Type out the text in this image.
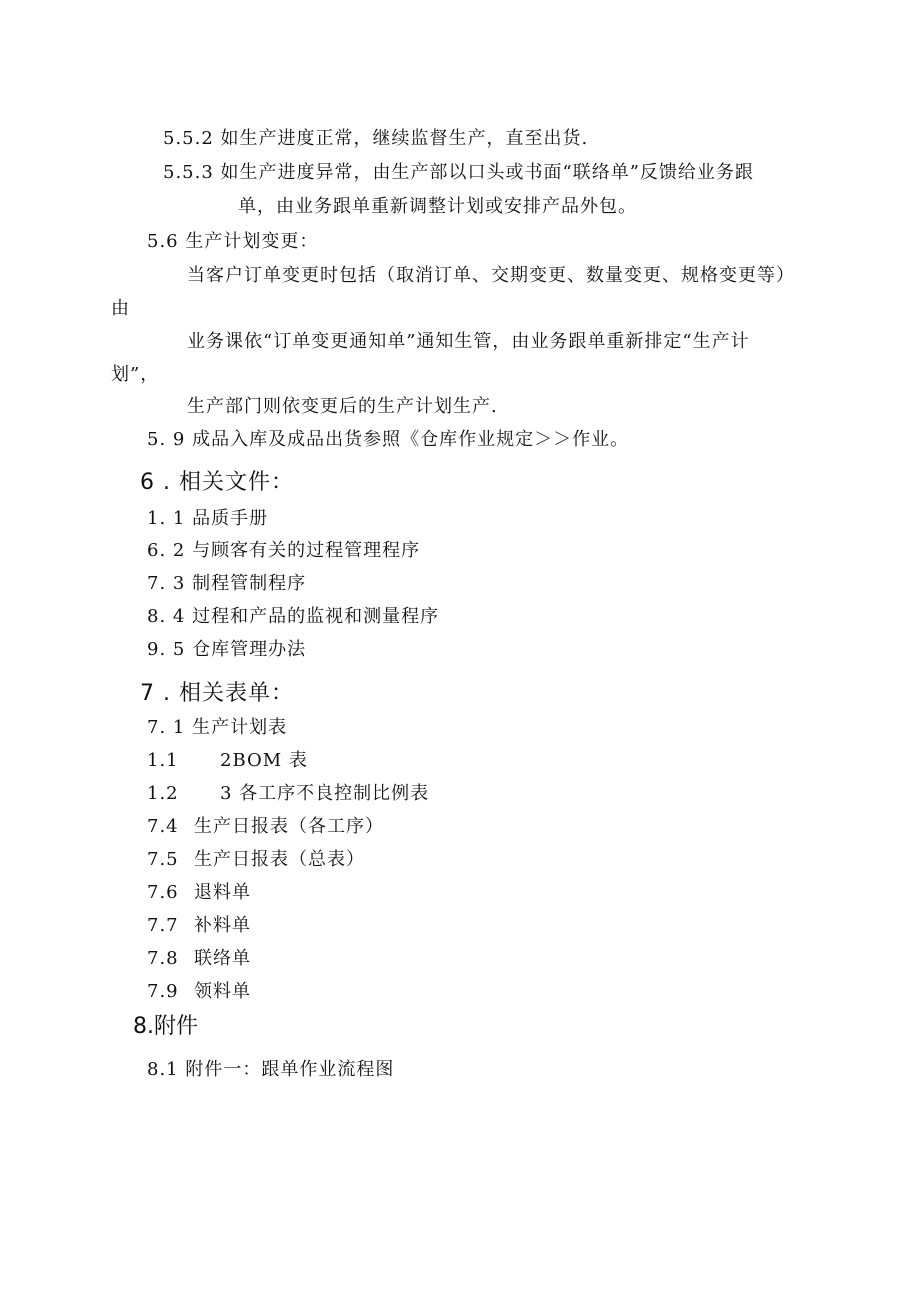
5.5.2 如生产进度正常，继续监督生产，直至出货.
5.5.3 如生产进度异常，由生产部以口头或书面“联络单”反馈给业务跟
单，由业务跟单重新调整计划或安排产品外包。
5.6 生产计划变更：
当客户订单变更时包括（取消订单、交期变更、数量变更、规格变更等）
由
业务课依“订单变更通知单”通知生管，由业务跟单重新排定“生产计
划”，
生产部门则依变更后的生产计划生产.
5. 9 成品入库及成品出货参照《仓库作业规定＞＞作业。
6 . 相关文件：
1. 1 品质手册
6. 2 与顾客有关的过程管理程序
7. 3 制程管制程序
8. 4 过程和产品的监视和测量程序
9. 5 仓库管理办法
7 . 相关表单：
7. 1 生产计划表
1.1 2BOM 表
1.2 3 各工序不良控制比例表
7.4 生产日报表（各工序）
7.5 生产日报表（总表）
7.6 退料单
7.7 补料单
7.8 联络单
7.9 领料单
8.附件
8.1 附件一：跟单作业流程图
